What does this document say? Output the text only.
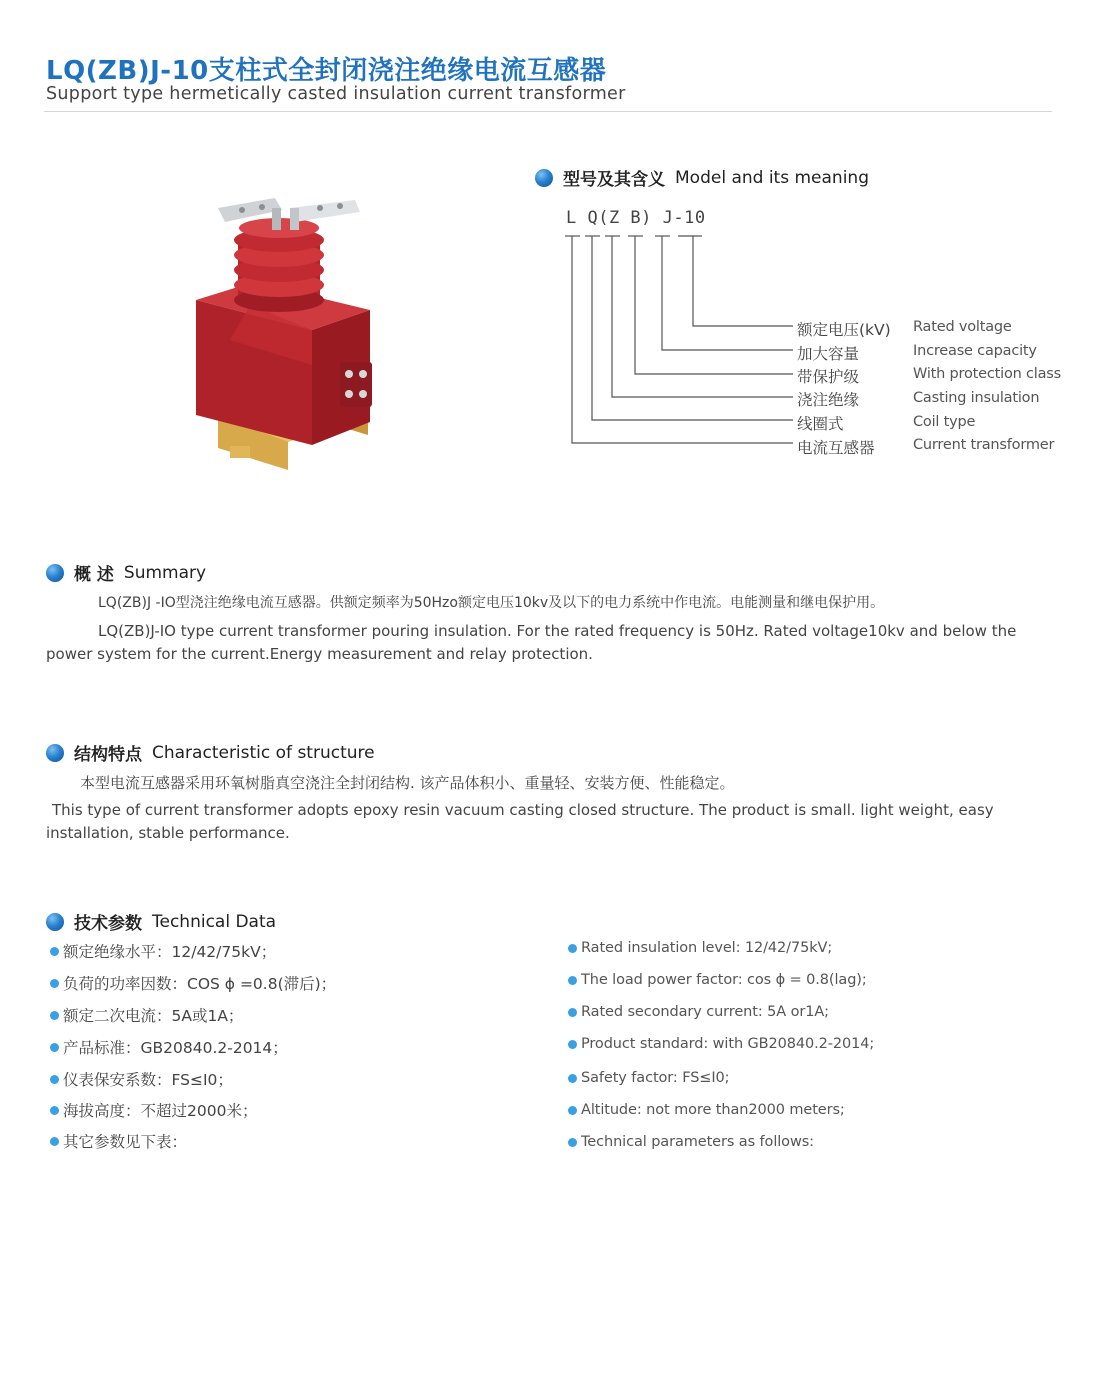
LQ(ZB)J-10支柱式全封闭浇注绝缘电流互感器
Support type hermetically casted insulation current transformer
型号及其含义 Model and its meaning
L Q(Z B) J-10
额定电压(kV)
加大容量
带保护级
浇注绝缘
线圈式
电流互感器
Rated voltage
Increase capacity
With protection class
Casting insulation
Coil type
Current transformer
概 述 Summary
LQ(ZB)J -IO型浇注绝缘电流互感器。供额定频率为50Hzo额定电压10kv及以下的电力系统中作电流。电能测量和继电保护用。
LQ(ZB)J-IO type current transformer pouring insulation. For the rated frequency is 50Hz. Rated voltage10kv and below the power system for the current.Energy measurement and relay protection.
结构特点 Characteristic of structure
本型电流互感器采用环氧树脂真空浇注全封闭结构. 该产品体积小、重量轻、安装方便、性能稳定。
This type of current transformer adopts epoxy resin vacuum casting closed structure. The product is small. light weight, easy installation, stable performance.
技术参数 Technical Data
额定绝缘水平：12/42/75kV；
负荷的功率因数：COS ϕ =0.8(滞后)；
额定二次电流：5A或1A；
产品标准：GB20840.2-2014；
仪表保安系数：FS≤I0；
海拔高度：不超过2000米；
其它参数见下表：
Rated insulation level: 12/42/75kV;
The load power factor: cos ϕ = 0.8(lag);
Rated secondary current: 5A or1A;
Product standard: with GB20840.2-2014;
Safety factor: FS≤I0;
Altitude: not more than2000 meters;
Technical parameters as follows:
